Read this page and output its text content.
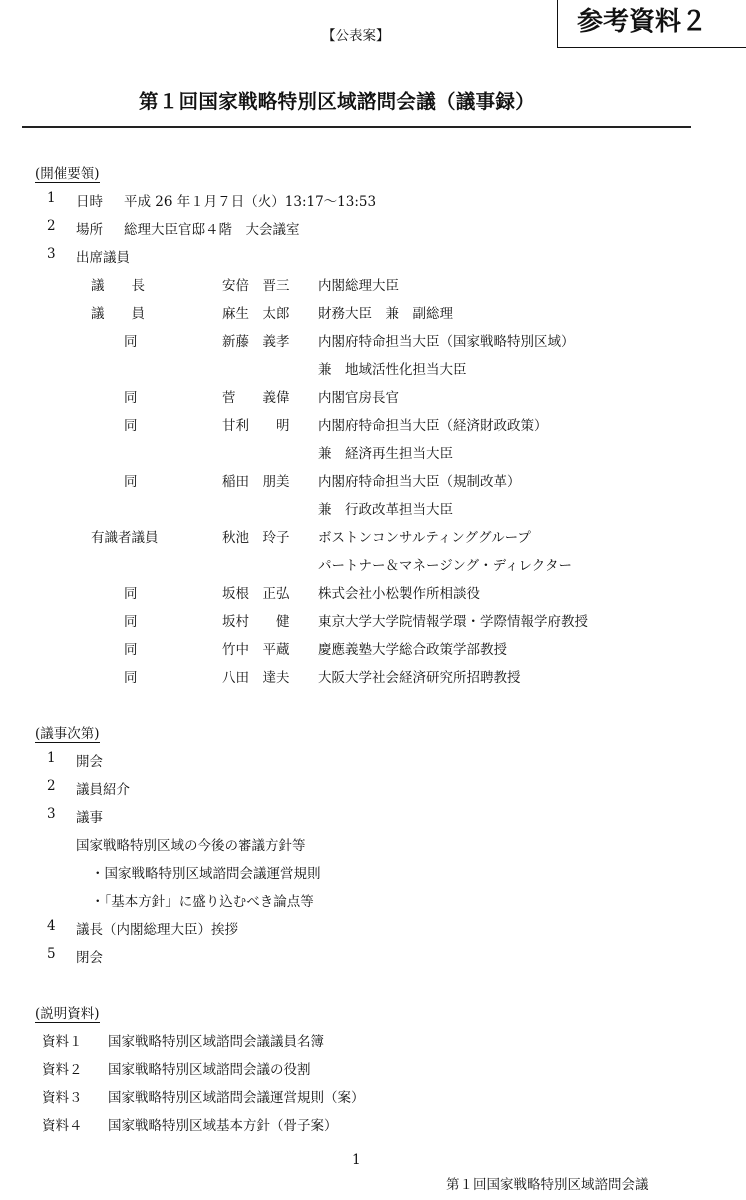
参考資料２
【公表案】
第１回国家戦略特別区域諮問会議（議事録）
(開催要領)
1 日時 平成 26 年１月７日（火）13:17～13:53
2 場所 総理大臣官邸４階　大会議室
3 出席議員
議　　長	安倍　晋三 内閣総理大臣
議　　員	麻生　太郎 財務大臣　兼　副総理
同	新藤　義孝 内閣府特命担当大臣（国家戦略特別区域）
兼　地域活性化担当大臣
同	菅　　義偉 内閣官房長官
同	甘利　　明 内閣府特命担当大臣（経済財政政策）
兼　経済再生担当大臣
同	稲田　朋美 内閣府特命担当大臣（規制改革）
兼　行政改革担当大臣
有識者議員	秋池　玲子 ボストンコンサルティンググループ
パートナー＆マネージング・ディレクター
同	坂根　正弘 株式会社小松製作所相談役
同	坂村　　健 東京大学大学院情報学環・学際情報学府教授
同	竹中　平蔵 慶應義塾大学総合政策学部教授
同	八田　達夫 大阪大学社会経済研究所招聘教授
(議事次第)
1 開会
2 議員紹介
3 議事
国家戦略特別区域の今後の審議方針等
・国家戦略特別区域諮問会議運営規則
・「基本方針」に盛り込むべき論点等
4 議長（内閣総理大臣）挨拶
5 閉会
(説明資料)
資料１ 国家戦略特別区域諮問会議議員名簿
資料２ 国家戦略特別区域諮問会議の役割
資料３ 国家戦略特別区域諮問会議運営規則（案）
資料４ 国家戦略特別区域基本方針（骨子案）
1
第１回国家戦略特別区域諮問会議
